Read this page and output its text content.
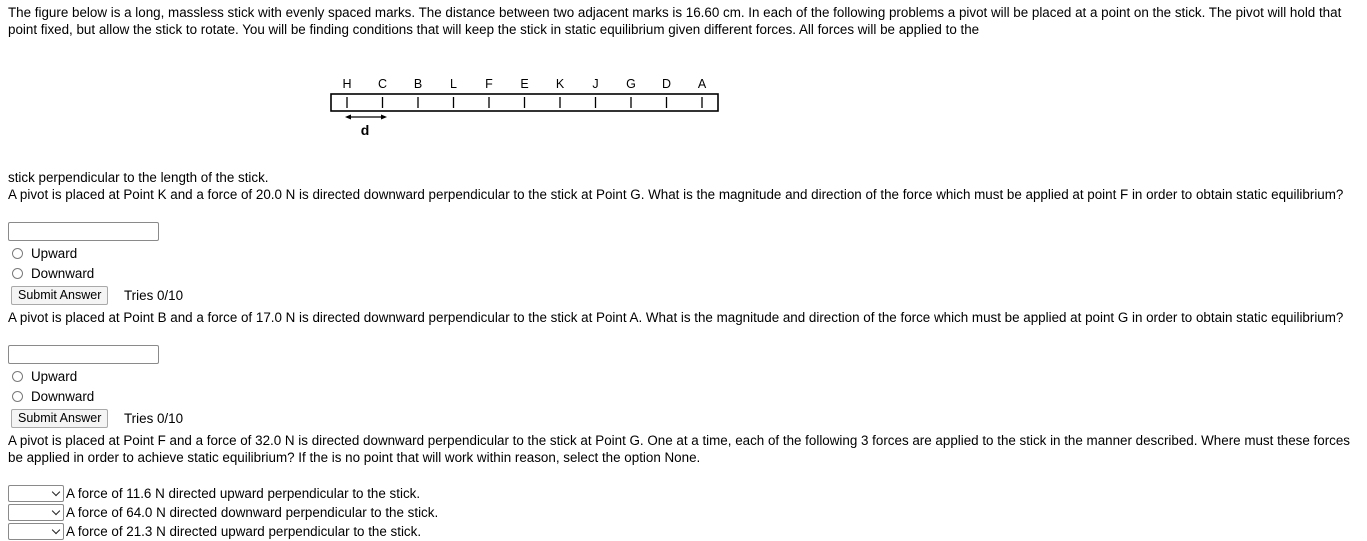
The figure below is a long, massless stick with evenly spaced marks. The distance between two adjacent marks is 16.60 cm. In each of the following problems a pivot will be placed at a point on the stick. The pivot will hold that point fixed, but allow the stick to rotate. You will be finding conditions that will keep the stick in static equilibrium given different forces. All forces will be applied to the

H C B L F E K J G D A
d

stick perpendicular to the length of the stick.

A pivot is placed at Point K and a force of 20.0 N is directed downward perpendicular to the stick at Point G. What is the magnitude and direction of the force which must be applied at point F in order to obtain static equilibrium?

Upward
Downward
Submit Answer	Tries 0/10

A pivot is placed at Point B and a force of 17.0 N is directed downward perpendicular to the stick at Point A. What is the magnitude and direction of the force which must be applied at point G in order to obtain static equilibrium?

Upward
Downward
Submit Answer	Tries 0/10

A pivot is placed at Point F and a force of 32.0 N is directed downward perpendicular to the stick at Point G. One at a time, each of the following 3 forces are applied to the stick in the manner described. Where must these forces be applied in order to achieve static equilibrium? If the is no point that will work within reason, select the option None.

A force of 11.6 N directed upward perpendicular to the stick.
A force of 64.0 N directed downward perpendicular to the stick.
A force of 21.3 N directed upward perpendicular to the stick.
